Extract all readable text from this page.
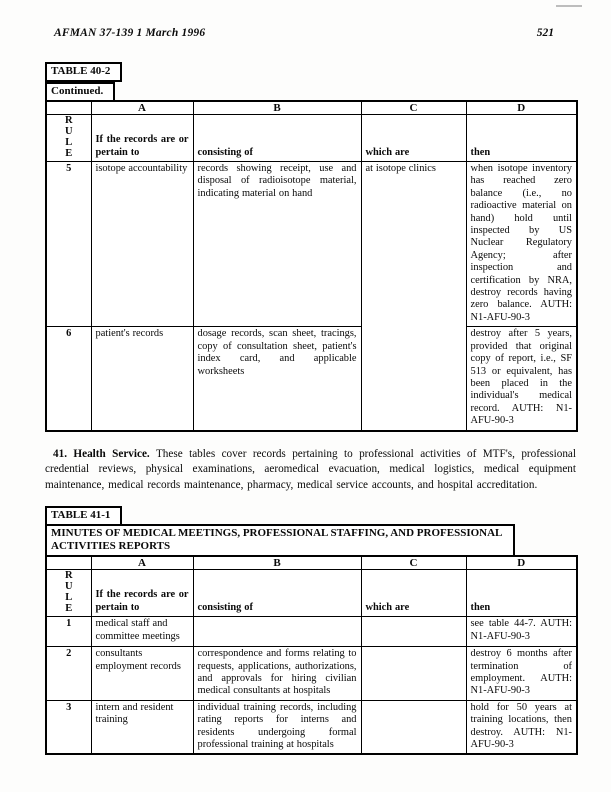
AFMAN 37-139 1 March 1996	521
TABLE 40-2
Continued.
	A	B	C	D

R
U
L
E	If the records are or pertain to	consisting of	which are	then
5	isotope accountability	records showing receipt, use and disposal of radioisotope material, indicating material on hand	at isotope clinics	when isotope inventory has reached zero balance (i.e., no radioactive material on hand) hold until inspected by US Nuclear Regulatory Agency; after inspection and certification by NRA, destroy records having zero balance. AUTH: N1-AFU-90-3
6	patient's records	dosage records, scan sheet, tracings, copy of consultation sheet, patient's index card, and applicable worksheets		destroy after 5 years, provided that original copy of report, i.e., SF 513 or equivalent, has been placed in the individual's medical record. AUTH: N1-AFU-90-3
41. Health Service. These tables cover records pertaining to professional activities of MTF's, professional credential reviews, physical examinations, aeromedical evacuation, medical logistics, medical equipment maintenance, medical records maintenance, pharmacy, medical service accounts, and hospital accreditation.
TABLE 41-1
MINUTES OF MEDICAL MEETINGS, PROFESSIONAL STAFFING, AND PROFESSIONAL ACTIVITIES REPORTS
	A	B	C	D

R
U
L
E	If the records are or pertain to	consisting of	which are	then
1	medical staff and committee meetings			see table 44-7. AUTH: N1-AFU-90-3
2	consultants employment records	correspondence and forms relating to requests, applications, authorizations, and approvals for hiring civilian medical consultants at hospitals		destroy 6 months after termination of employment. AUTH: N1-AFU-90-3
3	intern and resident training	individual training records, including rating reports for interns and residents undergoing formal professional training at hospitals		hold for 50 years at training locations, then destroy. AUTH: N1-AFU-90-3
